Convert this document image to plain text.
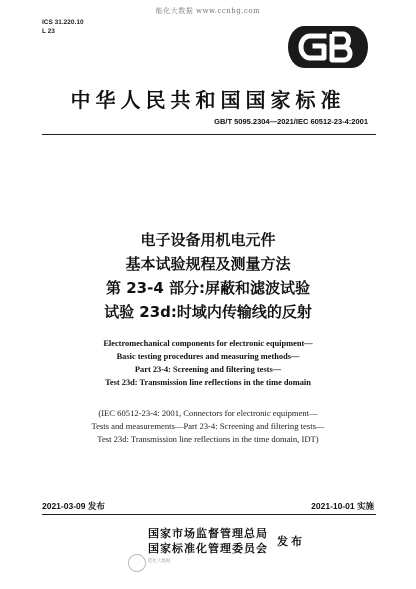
能化大数据 www.ccnhg.com
ICS 31.220.10
L 23
中华人民共和国国家标准
GB/T 5095.2304—2021/IEC 60512-23-4:2001
电子设备用机电元件
基本试验规程及测量方法
第 23-4 部分:屏蔽和滤波试验
试验 23d:时域内传输线的反射
Electromechanical components for electronic equipment—
Basic testing procedures and measuring methods—
Part 23-4: Screening and filtering tests—
Test 23d: Transmission line reflections in the time domain
(IEC 60512-23-4: 2001, Connectors for electronic equipment—
Tests and measurements—Part 23-4: Screening and filtering tests—
Test 23d: Transmission line reflections in the time domain, IDT)
2021-03-09 发布	2021-10-01 实施
国家市场监督管理总局
国家标准化管理委员会
发布
能化大数据
